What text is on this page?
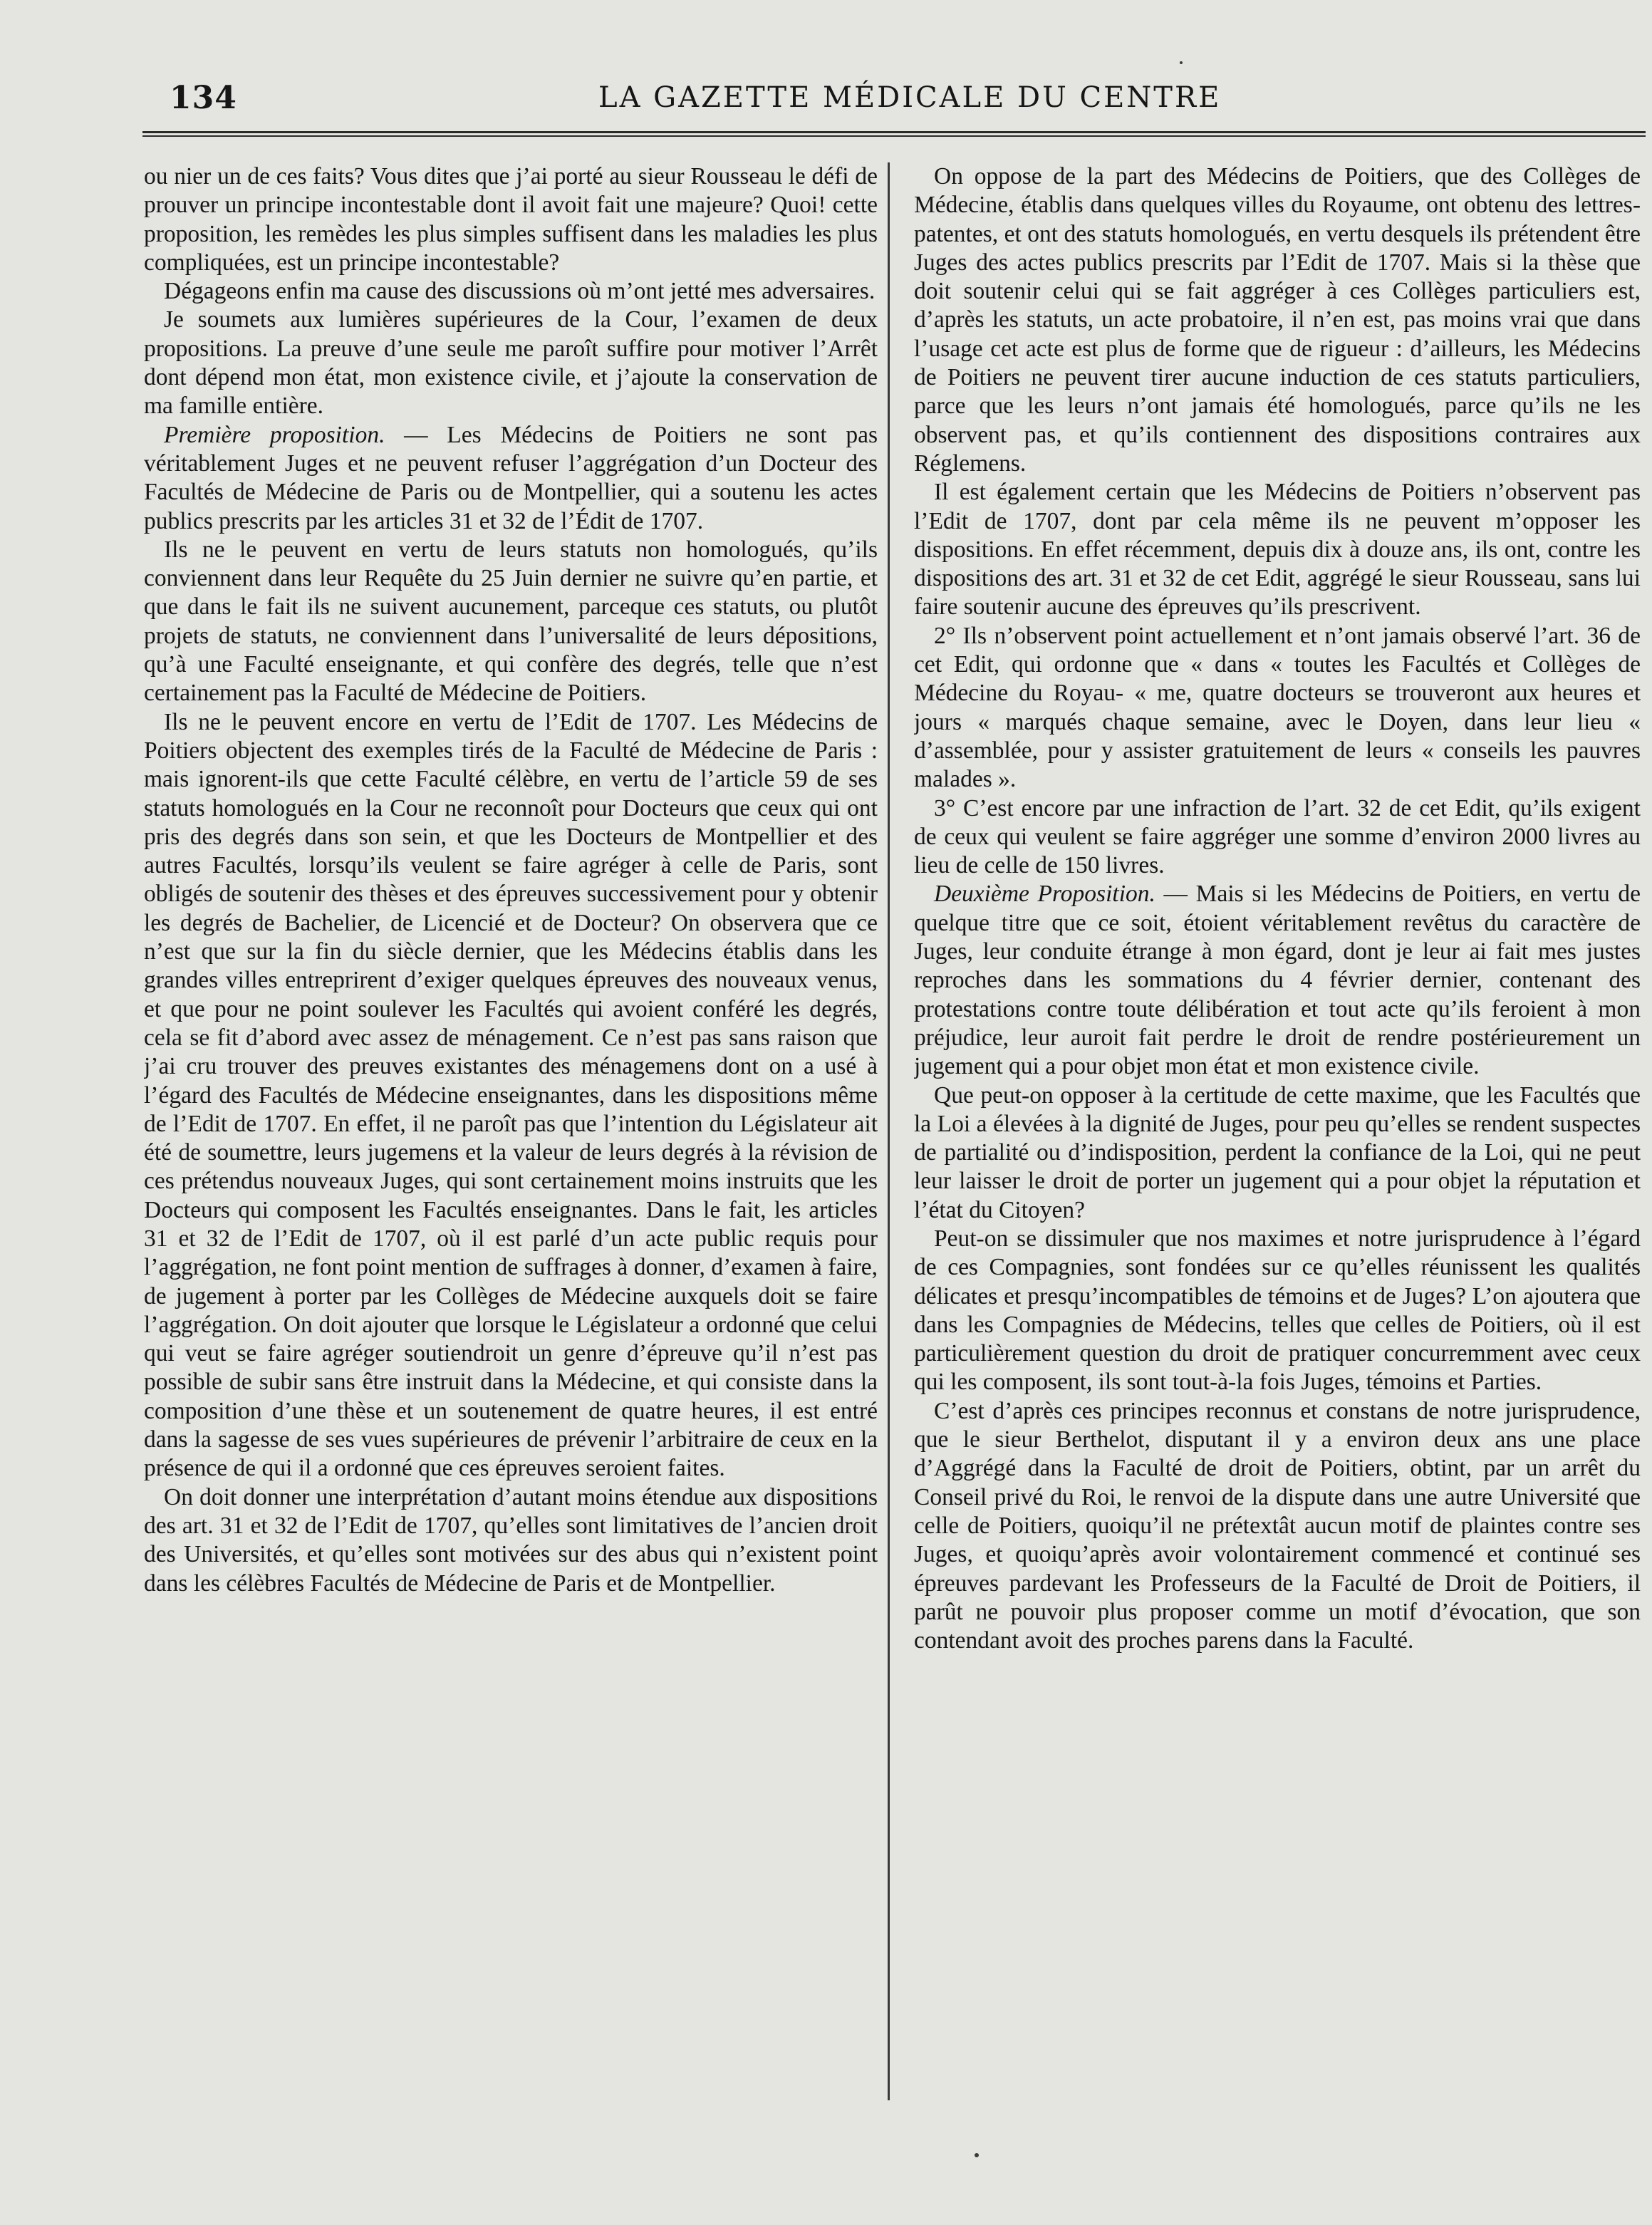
134	LA GAZETTE MÉDICALE DU CENTRE

ou nier un de ces faits? Vous dites que j’ai porté au sieur Rousseau le défi de prouver un principe incontestable dont il avoit fait une majeure? Quoi! cette proposition, les remèdes les plus simples suffisent dans les maladies les plus compliquées, est un principe incontestable?

Dégageons enfin ma cause des discussions où m’ont jetté mes adversaires.

Je soumets aux lumières supérieures de la Cour, l’examen de deux propositions. La preuve d’une seule me paroît suffire pour motiver l’Arrêt dont dépend mon état, mon existence civile, et j’ajoute la conservation de ma famille entière.

Première proposition. — Les Médecins de Poitiers ne sont pas véritablement Juges et ne peuvent refuser l’aggrégation d’un Docteur des Facultés de Médecine de Paris ou de Montpellier, qui a soutenu les actes publics prescrits par les articles 31 et 32 de l’Édit de 1707.

Ils ne le peuvent en vertu de leurs statuts non homologués, qu’ils conviennent dans leur Requête du 25 Juin dernier ne suivre qu’en partie, et que dans le fait ils ne suivent aucunement, parceque ces statuts, ou plutôt projets de statuts, ne conviennent dans l’universalité de leurs dépositions, qu’à une Faculté enseignante, et qui confère des degrés, telle que n’est certainement pas la Faculté de Médecine de Poitiers.

Ils ne le peuvent encore en vertu de l’Edit de 1707. Les Médecins de Poitiers objectent des exemples tirés de la Faculté de Médecine de Paris : mais ignorent-ils que cette Faculté célèbre, en vertu de l’article 59 de ses statuts homologués en la Cour ne reconnoît pour Docteurs que ceux qui ont pris des degrés dans son sein, et que les Docteurs de Montpellier et des autres Facultés, lorsqu’ils veulent se faire agréger à celle de Paris, sont obligés de soutenir des thèses et des épreuves successivement pour y obtenir les degrés de Bachelier, de Licencié et de Docteur? On observera que ce n’est que sur la fin du siècle dernier, que les Médecins établis dans les grandes villes entreprirent d’exiger quelques épreuves des nouveaux venus, et que pour ne point soulever les Facultés qui avoient conféré les degrés, cela se fit d’abord avec assez de ménagement. Ce n’est pas sans raison que j’ai cru trouver des preuves existantes des ménagemens dont on a usé à l’égard des Facultés de Médecine enseignantes, dans les dispositions même de l’Edit de 1707. En effet, il ne paroît pas que l’intention du Législateur ait été de soumettre, leurs jugemens et la valeur de leurs degrés à la révision de ces prétendus nouveaux Juges, qui sont certainement moins instruits que les Docteurs qui composent les Facultés enseignantes. Dans le fait, les articles 31 et 32 de l’Edit de 1707, où il est parlé d’un acte public requis pour l’aggrégation, ne font point mention de suffrages à donner, d’examen à faire, de jugement à porter par les Collèges de Médecine auxquels doit se faire l’aggrégation. On doit ajouter que lorsque le Législateur a ordonné que celui qui veut se faire agréger soutiendroit un genre d’épreuve qu’il n’est pas possible de subir sans être instruit dans la Médecine, et qui consiste dans la composition d’une thèse et un soutenement de quatre heures, il est entré dans la sagesse de ses vues supérieures de prévenir l’arbitraire de ceux en la présence de qui il a ordonné que ces épreuves seroient faites.

On doit donner une interprétation d’autant moins étendue aux dispositions des art. 31 et 32 de l’Edit de 1707, qu’elles sont limitatives de l’ancien droit des Universités, et qu’elles sont motivées sur des abus qui n’existent point dans les célèbres Facultés de Médecine de Paris et de Montpellier.

On oppose de la part des Médecins de Poitiers, que des Collèges de Médecine, établis dans quelques villes du Royaume, ont obtenu des lettres-patentes, et ont des statuts homologués, en vertu desquels ils prétendent être Juges des actes publics prescrits par l’Edit de 1707. Mais si la thèse que doit soutenir celui qui se fait aggréger à ces Collèges particuliers est, d’après les statuts, un acte probatoire, il n’en est, pas moins vrai que dans l’usage cet acte est plus de forme que de rigueur : d’ailleurs, les Médecins de Poitiers ne peuvent tirer aucune induction de ces statuts particuliers, parce que les leurs n’ont jamais été homologués, parce qu’ils ne les observent pas, et qu’ils contiennent des dispositions contraires aux Réglemens.

Il est également certain que les Médecins de Poitiers n’observent pas l’Edit de 1707, dont par cela même ils ne peuvent m’opposer les dispositions. En effet récemment, depuis dix à douze ans, ils ont, contre les dispositions des art. 31 et 32 de cet Edit, aggrégé le sieur Rousseau, sans lui faire soutenir aucune des épreuves qu’ils prescrivent.

2° Ils n’observent point actuellement et n’ont jamais observé l’art. 36 de cet Edit, qui ordonne que « dans « toutes les Facultés et Collèges de Médecine du Royau- « me, quatre docteurs se trouveront aux heures et jours « marqués chaque semaine, avec le Doyen, dans leur lieu « d’assemblée, pour y assister gratuitement de leurs « conseils les pauvres malades ».

3° C’est encore par une infraction de l’art. 32 de cet Edit, qu’ils exigent de ceux qui veulent se faire aggréger une somme d’environ 2000 livres au lieu de celle de 150 livres.

Deuxième Proposition. — Mais si les Médecins de Poitiers, en vertu de quelque titre que ce soit, étoient véritablement revêtus du caractère de Juges, leur conduite étrange à mon égard, dont je leur ai fait mes justes reproches dans les sommations du 4 février dernier, contenant des protestations contre toute délibération et tout acte qu’ils feroient à mon préjudice, leur auroit fait perdre le droit de rendre postérieurement un jugement qui a pour objet mon état et mon existence civile.

Que peut-on opposer à la certitude de cette maxime, que les Facultés que la Loi a élevées à la dignité de Juges, pour peu qu’elles se rendent suspectes de partialité ou d’indisposition, perdent la confiance de la Loi, qui ne peut leur laisser le droit de porter un jugement qui a pour objet la réputation et l’état du Citoyen?

Peut-on se dissimuler que nos maximes et notre jurisprudence à l’égard de ces Compagnies, sont fondées sur ce qu’elles réunissent les qualités délicates et presqu’incompatibles de témoins et de Juges? L’on ajoutera que dans les Compagnies de Médecins, telles que celles de Poitiers, où il est particulièrement question du droit de pratiquer concurremment avec ceux qui les composent, ils sont tout-à-la fois Juges, témoins et Parties.

C’est d’après ces principes reconnus et constans de notre jurisprudence, que le sieur Berthelot, disputant il y a environ deux ans une place d’Aggrégé dans la Faculté de droit de Poitiers, obtint, par un arrêt du Conseil privé du Roi, le renvoi de la dispute dans une autre Université que celle de Poitiers, quoiqu’il ne prétextât aucun motif de plaintes contre ses Juges, et quoiqu’après avoir volontairement commencé et continué ses épreuves pardevant les Professeurs de la Faculté de Droit de Poitiers, il parût ne pouvoir plus proposer comme un motif d’évocation, que son contendant avoit des proches parens dans la Faculté.
